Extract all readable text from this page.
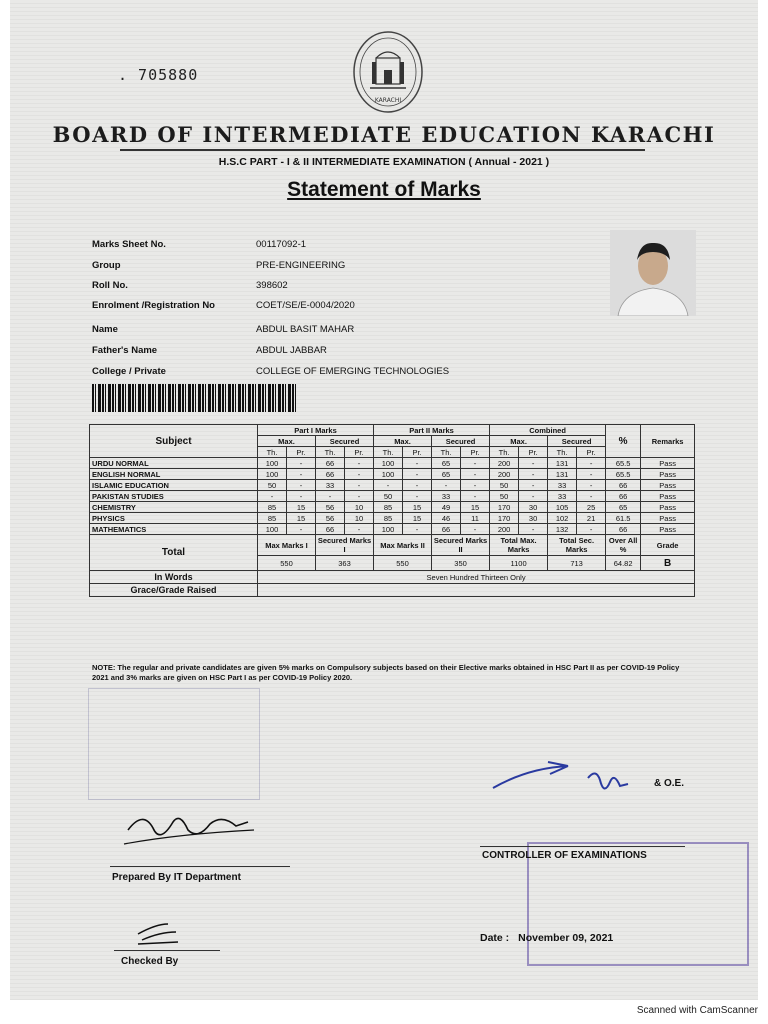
. 705880
KARACHI
BOARD OF INTERMEDIATE EDUCATION KARACHI
H.S.C PART - I & II INTERMEDIATE EXAMINATION ( Annual - 2021 )
Statement of Marks
Marks Sheet No.	00117092-1
Group	PRE-ENGINEERING
Roll No.	398602
Enrolment /Registration No	COET/SE/E-0004/2020
Name	ABDUL BASIT MAHAR
Father's Name	ABDUL JABBAR
College / Private	COLLEGE OF EMERGING TECHNOLOGIES
Subject	Part I Marks				Part II Marks				Combined				%	Remarks
	Max.		Secured		Max.		Secured		Max.		Secured			
	Th.	Pr.	Th.	Pr.	Th.	Pr.	Th.	Pr.	Th.	Pr.	Th.	Pr.		
URDU NORMAL	100	-	66	-	100	-	65	-	200	-	131	-	65.5	Pass
ENGLISH NORMAL	100	-	66	-	100	-	65	-	200	-	131	-	65.5	Pass
ISLAMIC EDUCATION	50	-	33	-	-	-	-	-	50	-	33	-	66	Pass
PAKISTAN STUDIES	-	-	-	-	50	-	33	-	50	-	33	-	66	Pass
CHEMISTRY	85	15	56	10	85	15	49	15	170	30	105	25	65	Pass
PHYSICS	85	15	56	10	85	15	46	11	170	30	102	21	61.5	Pass
MATHEMATICS	100	-	66	-	100	-	66	-	200	-	132	-	66	Pass
Total	Max Marks I		Secured Marks I		Max Marks II		Secured Marks II		Total Max. Marks		Total Sec. Marks		Over All %	Grade
	550		363		550		350		1100		713		64.82	B
In Words	Seven Hundred Thirteen Only													
Grace/Grade Raised														
NOTE: The regular and private candidates are given 5% marks on Compulsory subjects based on their Elective marks obtained in HSC Part II as per COVID-19 Policy 2021 and 3% marks are given on HSC Part I as per COVID-19 Policy 2020.
& O.E.
Prepared By IT Department
Checked By
CONTROLLER OF EXAMINATIONS
Date : November 09, 2021
Scanned with CamScanner
